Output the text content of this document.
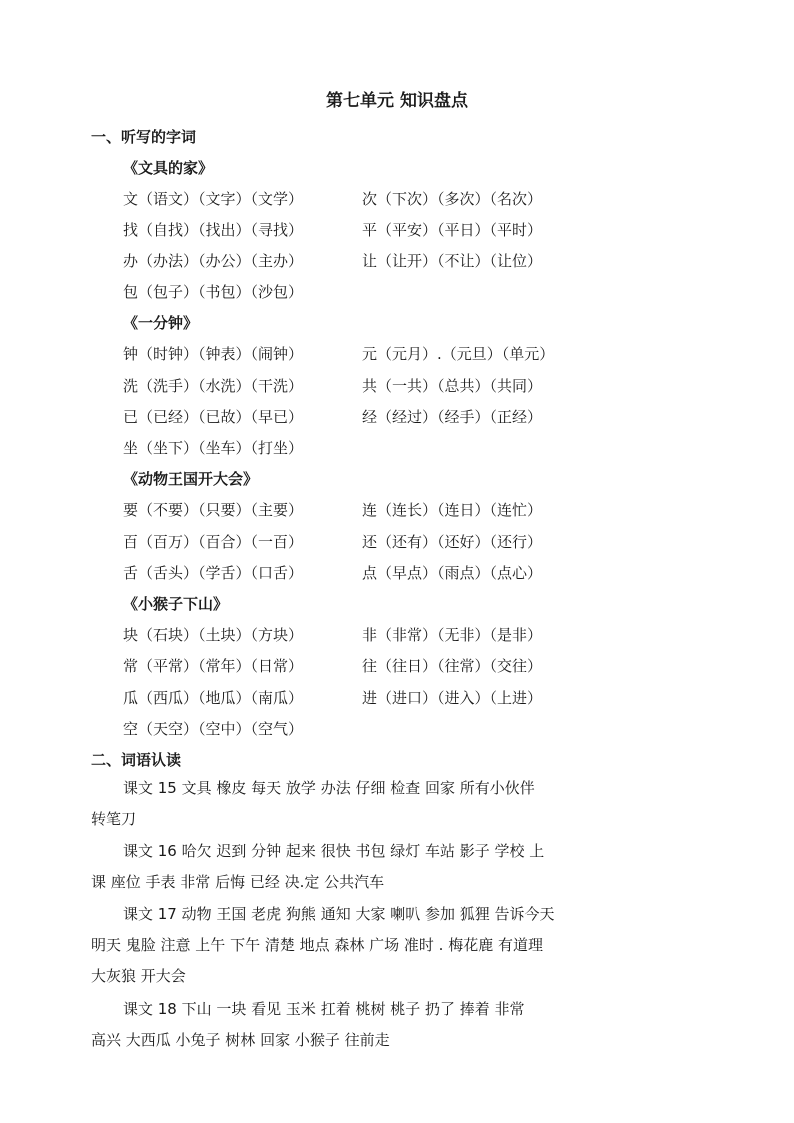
第七单元 知识盘点
一、听写的字词
《文具的家》
文（语文）（文字）（文学）	次（下次）（多次）（名次）
找（自找）（找出）（寻找）	平（平安）（平日）（平时）
办（办法）（办公）（主办）	让（让开）（不让）（让位）
包（包子）（书包）（沙包）
《一分钟》
钟（时钟）（钟表）（闹钟）	元（元月）.（元旦）（单元）
洗（洗手）（水洗）（干洗）	共（一共）（总共）（共同）
已（已经）（已故）（早已）	经（经过）（经手）（正经）
坐（坐下）（坐车）（打坐）
《动物王国开大会》
要（不要）（只要）（主要）	连（连长）（连日）（连忙）
百（百万）（百合）（一百）	还（还有）（还好）（还行）
舌（舌头）（学舌）（口舌）	点（早点）（雨点）（点心）
《小猴子下山》
块（石块）（土块）（方块）	非（非常）（无非）（是非）
常（平常）（常年）（日常）	往（往日）（往常）（交往）
瓜（西瓜）（地瓜）（南瓜）	进（进口）（进入）（上进）
空（天空）（空中）（空气）
二、词语认读
课文 15 文具 橡皮 每天 放学 办法 仔细 检查 回家 所有小伙伴
转笔刀
课文 16 哈欠 迟到 分钟 起来 很快 书包 绿灯 车站 影子 学校 上
课 座位 手表 非常 后悔 已经 决.定 公共汽车
课文 17 动物 王国 老虎 狗熊 通知 大家 喇叭 参加 狐狸 告诉今天
明天 鬼脸 注意 上午 下午 清楚 地点 森林 广场 准时 . 梅花鹿 有道理
大灰狼 开大会
课文 18 下山 一块 看见 玉米 扛着 桃树 桃子 扔了 捧着 非常
高兴 大西瓜 小兔子 树林 回家 小猴子 往前走
